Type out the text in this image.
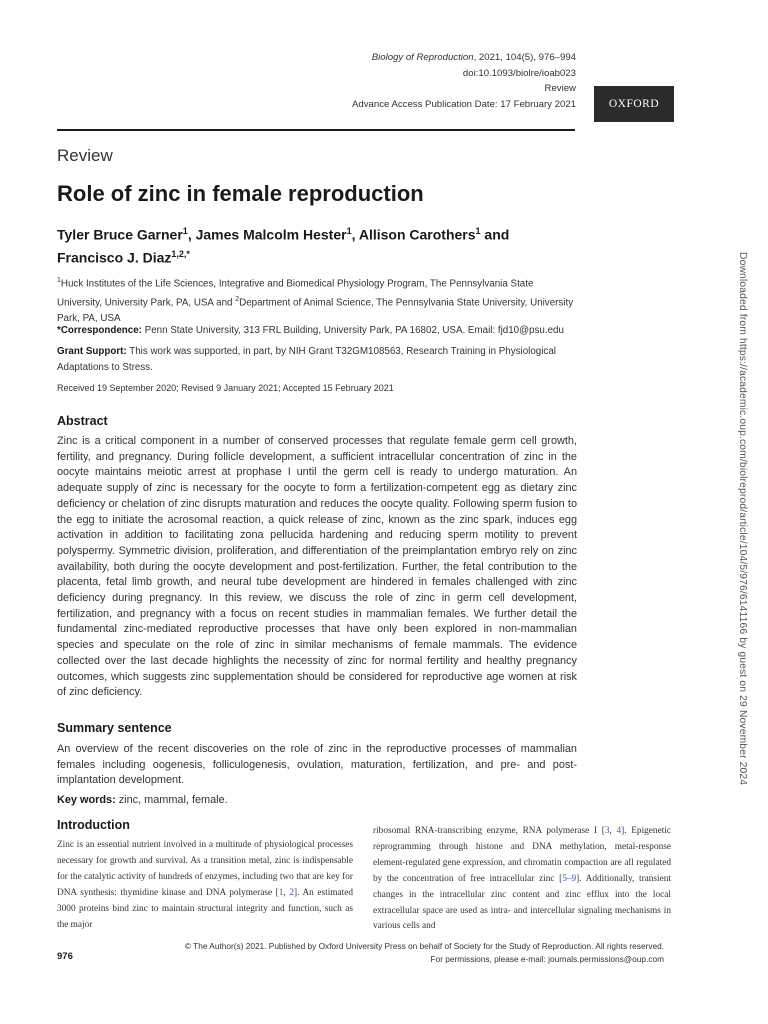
Biology of Reproduction, 2021, 104(5), 976–994
doi:10.1093/biolre/ioab023
Review
Advance Access Publication Date: 17 February 2021	OXFORD
Review
Role of zinc in female reproduction
Tyler Bruce Garner$^1$, James Malcolm Hester$^1$, Allison Carothers$^1$ and
Francisco J. Diaz$^{1,2,*}$
$^1$Huck Institutes of the Life Sciences, Integrative and Biomedical Physiology Program, The Pennsylvania State University, University Park, PA, USA and $^2$Department of Animal Science, The Pennsylvania State University, University Park, PA, USA
*Correspondence: Penn State University, 313 FRL Building, University Park, PA 16802, USA. Email: fjd10@psu.edu
Grant Support: This work was supported, in part, by NIH Grant T32GM108563, Research Training in Physiological Adaptations to Stress.
Received 19 September 2020; Revised 9 January 2021; Accepted 15 February 2021
Abstract
Zinc is a critical component in a number of conserved processes that regulate female germ cell growth, fertility, and pregnancy. During follicle development, a sufficient intracellular concentration of zinc in the oocyte maintains meiotic arrest at prophase I until the germ cell is ready to undergo maturation. An adequate supply of zinc is necessary for the oocyte to form a fertilization-competent egg as dietary zinc deficiency or chelation of zinc disrupts maturation and reduces the oocyte quality. Following sperm fusion to the egg to initiate the acrosomal reaction, a quick release of zinc, known as the zinc spark, induces egg activation in addition to facilitating zona pellucida hardening and reducing sperm motility to prevent polyspermy. Symmetric division, proliferation, and differentiation of the preimplantation embryo rely on zinc availability, both during the oocyte development and post-fertilization. Further, the fetal contribution to the placenta, fetal limb growth, and neural tube development are hindered in females challenged with zinc deficiency during pregnancy. In this review, we discuss the role of zinc in germ cell development, fertilization, and pregnancy with a focus on recent studies in mammalian females. We further detail the fundamental zinc-mediated reproductive processes that have only been explored in non-mammalian species and speculate on the role of zinc in similar mechanisms of female mammals. The evidence collected over the last decade highlights the necessity of zinc for normal fertility and healthy pregnancy outcomes, which suggests zinc supplementation should be considered for reproductive age women at risk of zinc deficiency.
Summary sentence
An overview of the recent discoveries on the role of zinc in the reproductive processes of mammalian females including oogenesis, folliculogenesis, ovulation, maturation, fertilization, and pre- and post-implantation development.
Key words: zinc, mammal, female.
Introduction
Zinc is an essential nutrient involved in a multitude of physiological processes necessary for growth and survival. As a transition metal, zinc is indispensable for the catalytic activity of hundreds of enzymes, including two that are key for DNA synthesis: thymidine kinase and DNA polymerase [1, 2]. An estimated 3000 proteins bind zinc to maintain structural integrity and function, such as the major
ribosomal RNA-transcribing enzyme, RNA polymerase I [3, 4]. Epigenetic reprogramming through histone and DNA methylation, metal-response element-regulated gene expression, and chromatin compaction are all regulated by the concentration of free intracellular zinc [5–9]. Additionally, transient changes in the intracellular zinc content and zinc efflux into the local extracellular space are used as intra- and intercellular signaling mechanisms in various cells and
© The Author(s) 2021. Published by Oxford University Press on behalf of Society for the Study of Reproduction. All rights reserved.
For permissions, please e-mail: journals.permissions@oup.com
976
Downloaded from https://academic.oup.com/biolreprod/article/104/5/976/6141166 by guest on 29 November 2024
